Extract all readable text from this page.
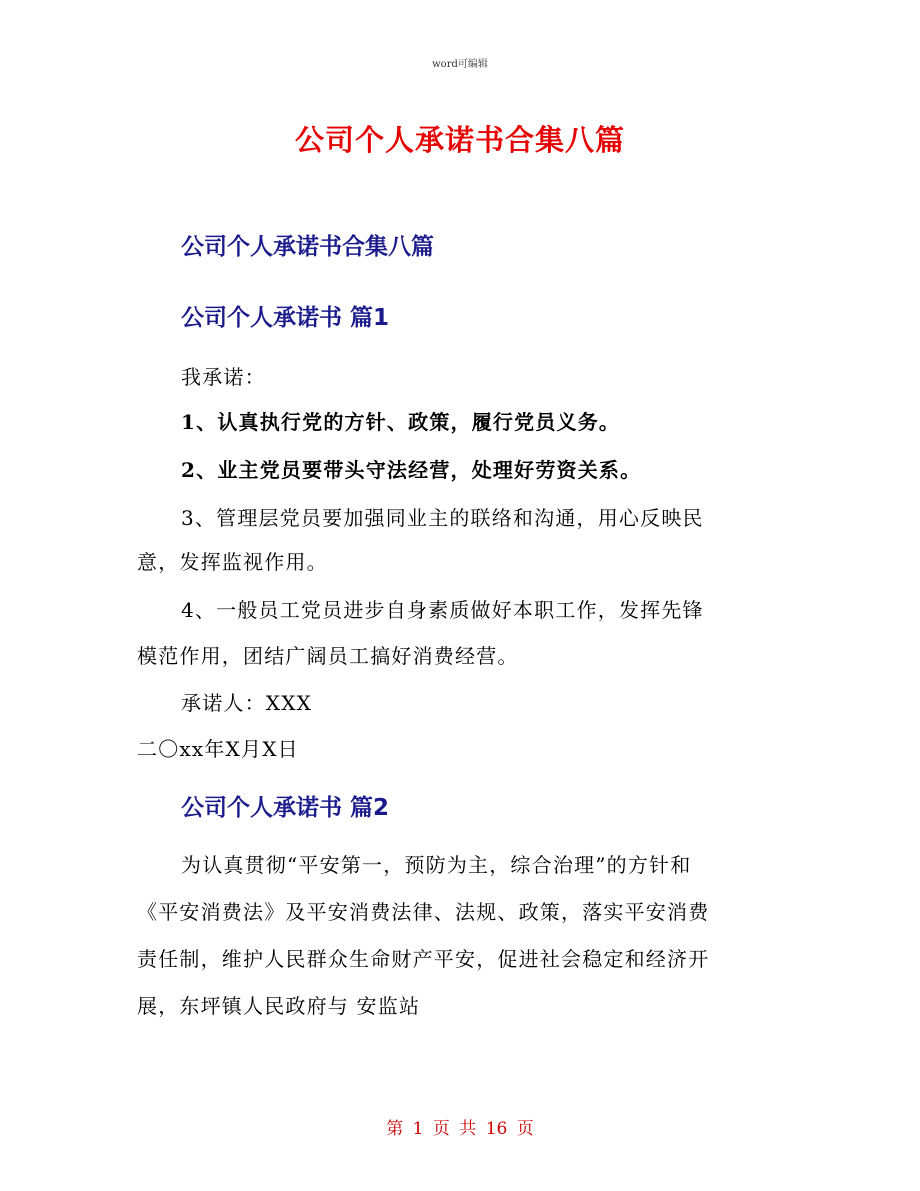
word可编辑
公司个人承诺书合集八篇
公司个人承诺书合集八篇
公司个人承诺书 篇1
我承诺：
1、认真执行党的方针、政策，履行党员义务。
2、业主党员要带头守法经营，处理好劳资关系。
3、管理层党员要加强同业主的联络和沟通，用心反映民
意，发挥监视作用。
4、一般员工党员进步自身素质做好本职工作，发挥先锋
模范作用，团结广阔员工搞好消费经营。
承诺人：XXX
二〇xx年X月X日
公司个人承诺书 篇2
为认真贯彻“平安第一，预防为主，综合治理”的方针和
《平安消费法》及平安消费法律、法规、政策，落实平安消费
责任制，维护人民群众生命财产平安，促进社会稳定和经济开
展，东坪镇人民政府与 安监站
第 1 页 共 16 页
